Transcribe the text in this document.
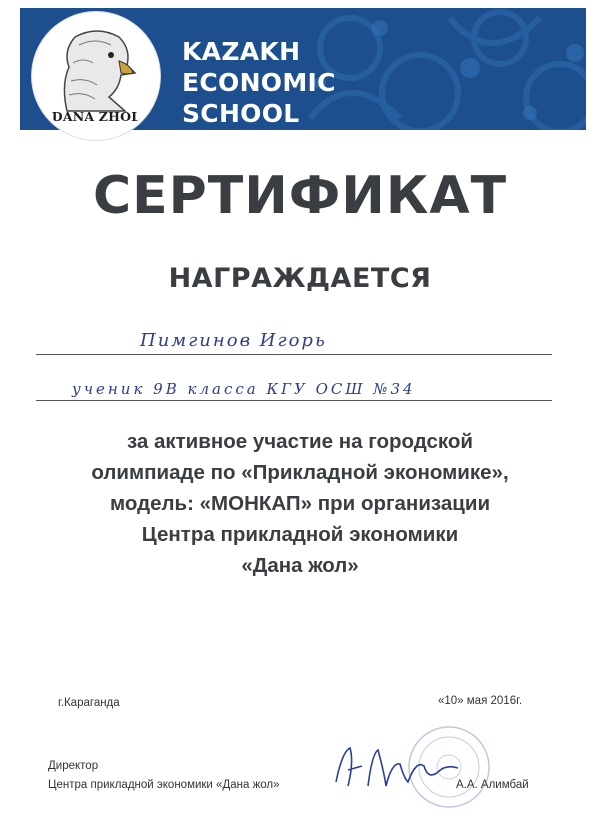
KAZAKH
ECONOMIC
SCHOOL
DANA ZHOL
СЕРТИФИКАТ
НАГРАЖДАЕТСЯ
Пимгинов Игорь
ученик 9В класса КГУ ОСШ №34
за активное участие на городской
олимпиаде по «Прикладной экономике»,
модель: «МОНКАП» при организации
Центра прикладной экономики
«Дана жол»
г.Караганда	«10» мая 2016г.
Директор
Центра прикладной экономики «Дана жол»	А.А. Алимбай
